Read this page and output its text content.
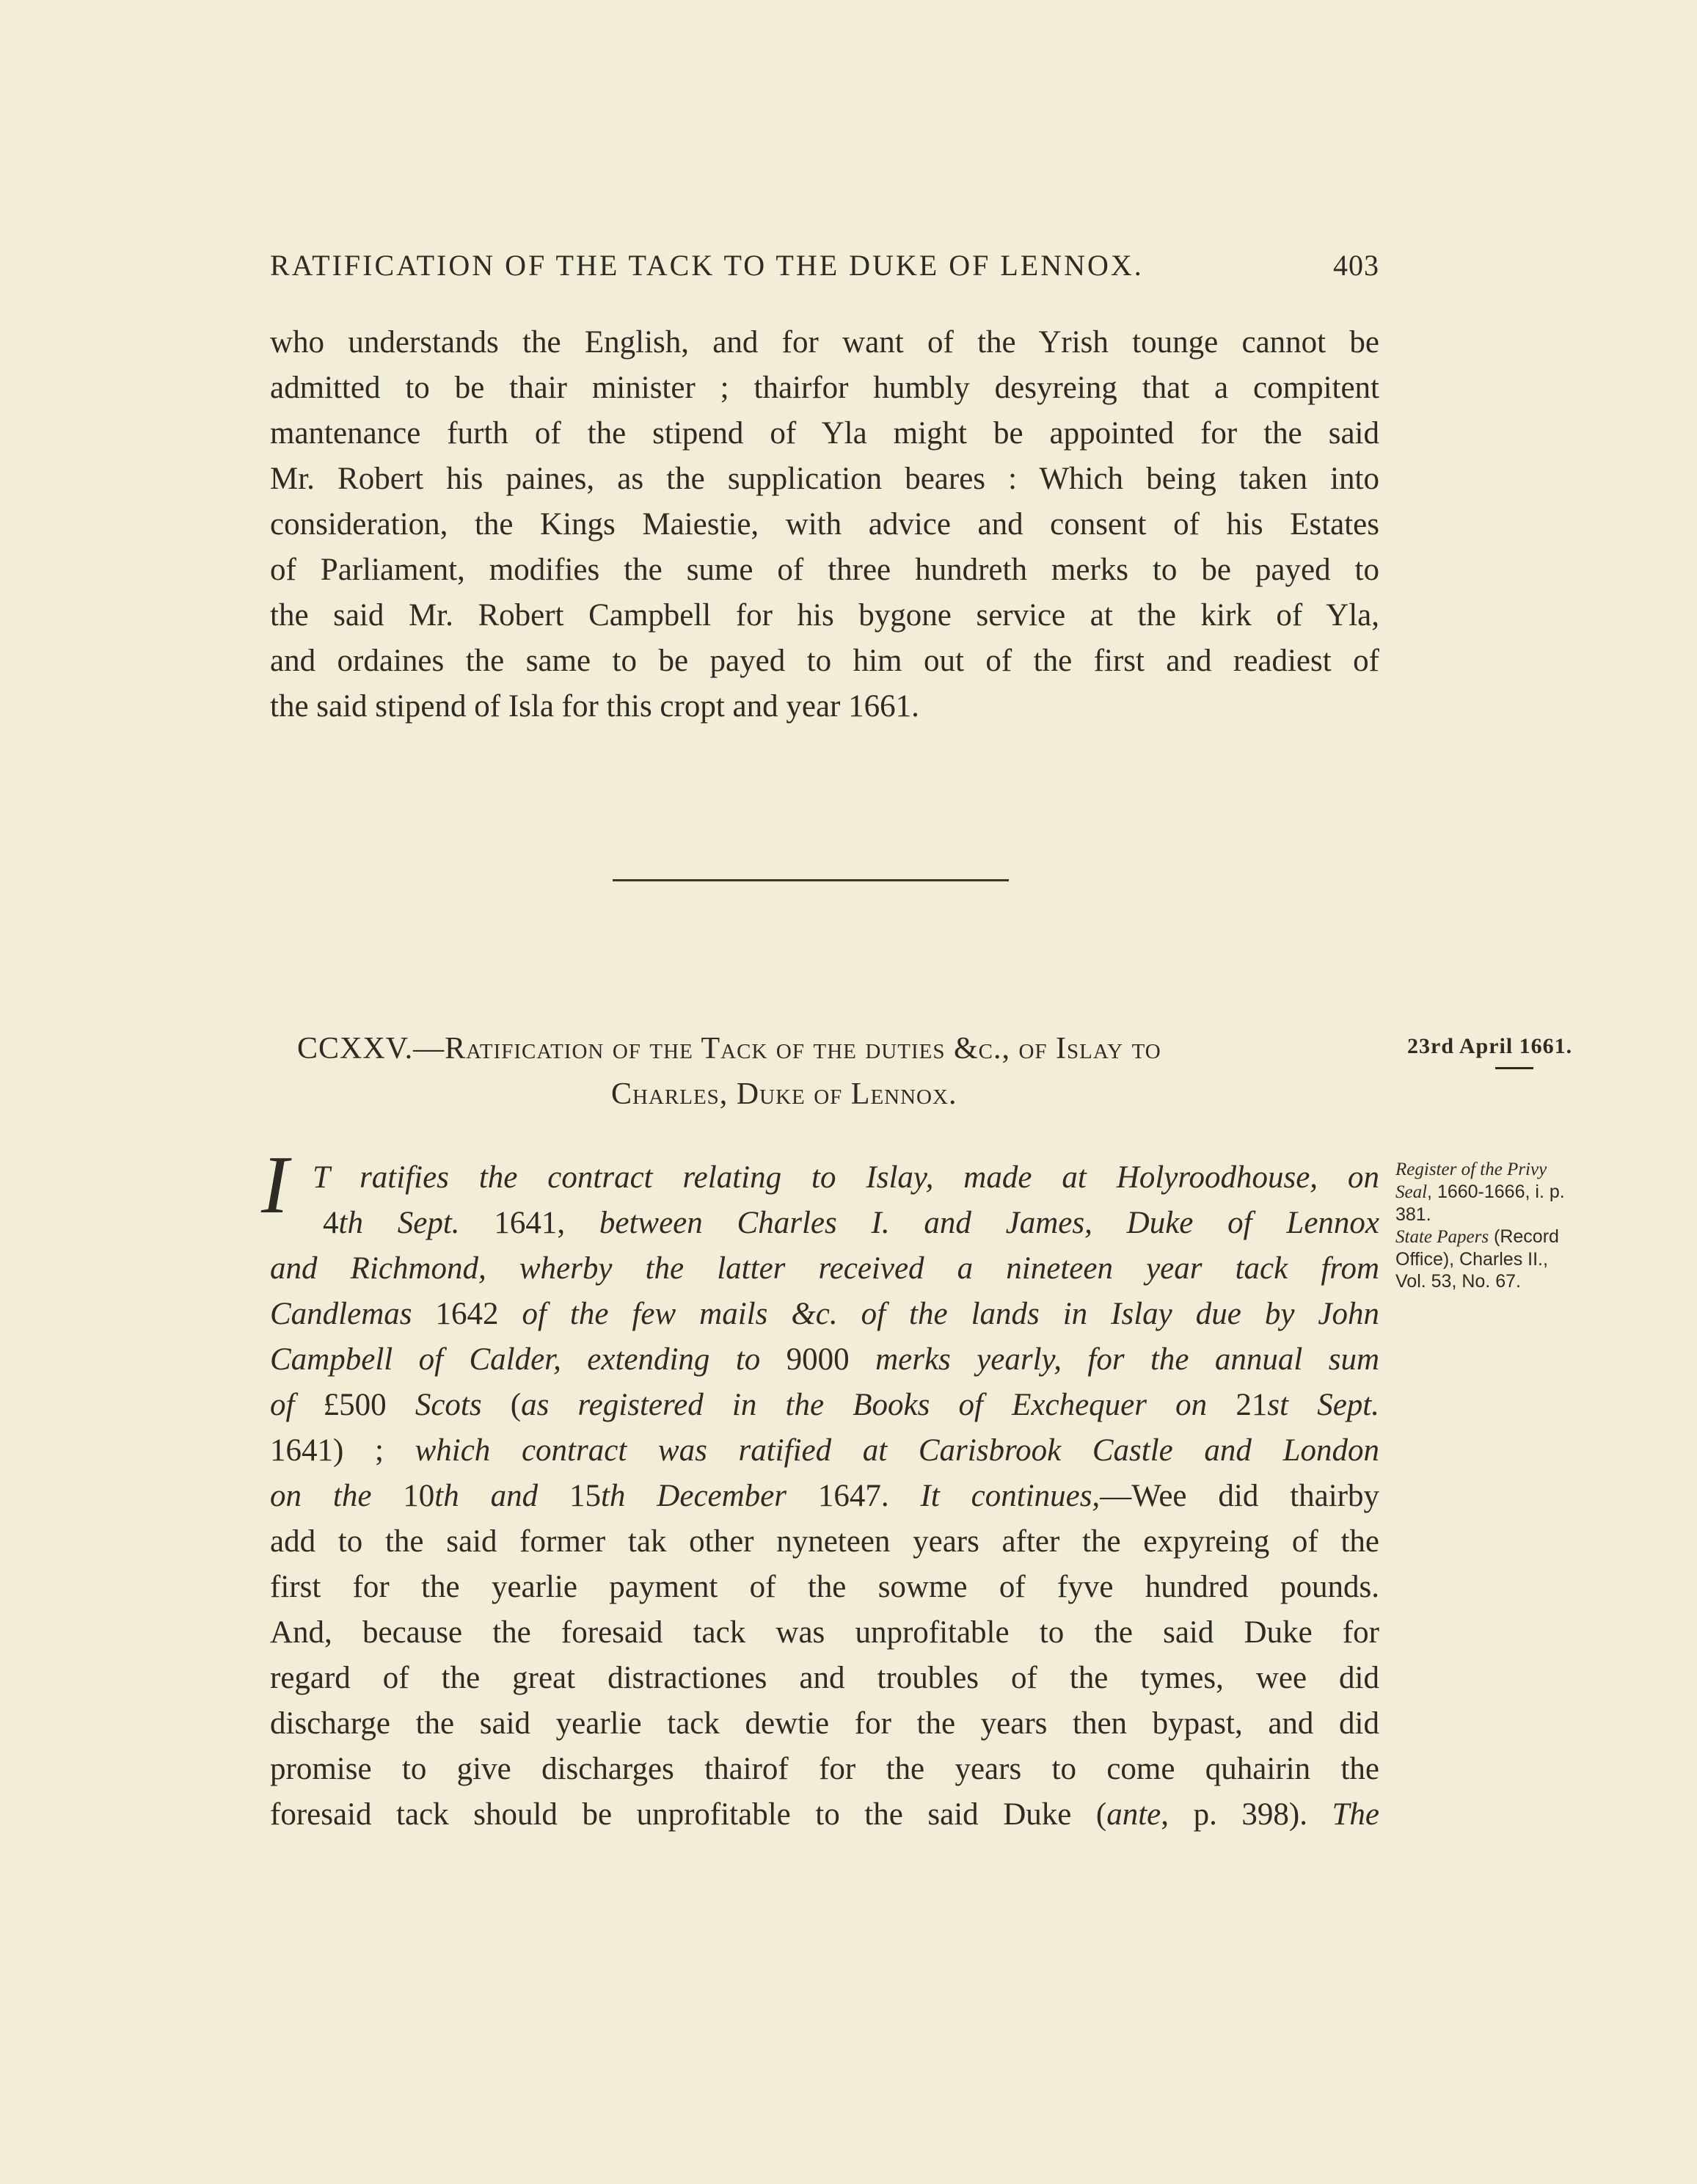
RATIFICATION OF THE TACK TO THE DUKE OF LENNOX.	403
who understands the English, and for want of the Yrish tounge cannot be
admitted to be thair minister ; thairfor humbly desyreing that a compitent
mantenance furth of the stipend of Yla might be appointed for the said
Mr. Robert his paines, as the supplication beares : Which being taken into
consideration, the Kings Maiestie, with advice and consent of his Estates
of Parliament, modifies the sume of three hundreth merks to be payed to
the said Mr. Robert Campbell for his bygone service at the kirk of Yla,
and ordaines the same to be payed to him out of the first and readiest of
the said stipend of Isla for this cropt and year 1661.
CCXXV.—Ratification of the Tack of the duties &c., of Islay to
Charles, Duke of Lennox.
23rd April 1661.
I	Register of the Privy
Seal, 1660-1666, i. p.
381.
State Papers (Record
Office), Charles II.,
Vol. 53, No. 67.
T ratifies the contract relating to Islay, made at Holyroodhouse, on
4th Sept. 1641, between Charles I. and James, Duke of Lennox
and Richmond, wherby the latter received a nineteen year tack from
Candlemas 1642 of the few mails &c. of the lands in Islay due by John
Campbell of Calder, extending to 9000 merks yearly, for the annual sum
of £500 Scots (as registered in the Books of Exchequer on 21st Sept.
1641) ; which contract was ratified at Carisbrook Castle and London
on the 10th and 15th December 1647. It continues,—Wee did thairby
add to the said former tak other nyneteen years after the expyreing of the
first for the yearlie payment of the sowme of fyve hundred pounds.
And, because the foresaid tack was unprofitable to the said Duke for
regard of the great distractiones and troubles of the tymes, wee did
discharge the said yearlie tack dewtie for the years then bypast, and did
promise to give discharges thairof for the years to come quhairin the
foresaid tack should be unprofitable to the said Duke (ante, p. 398). The
